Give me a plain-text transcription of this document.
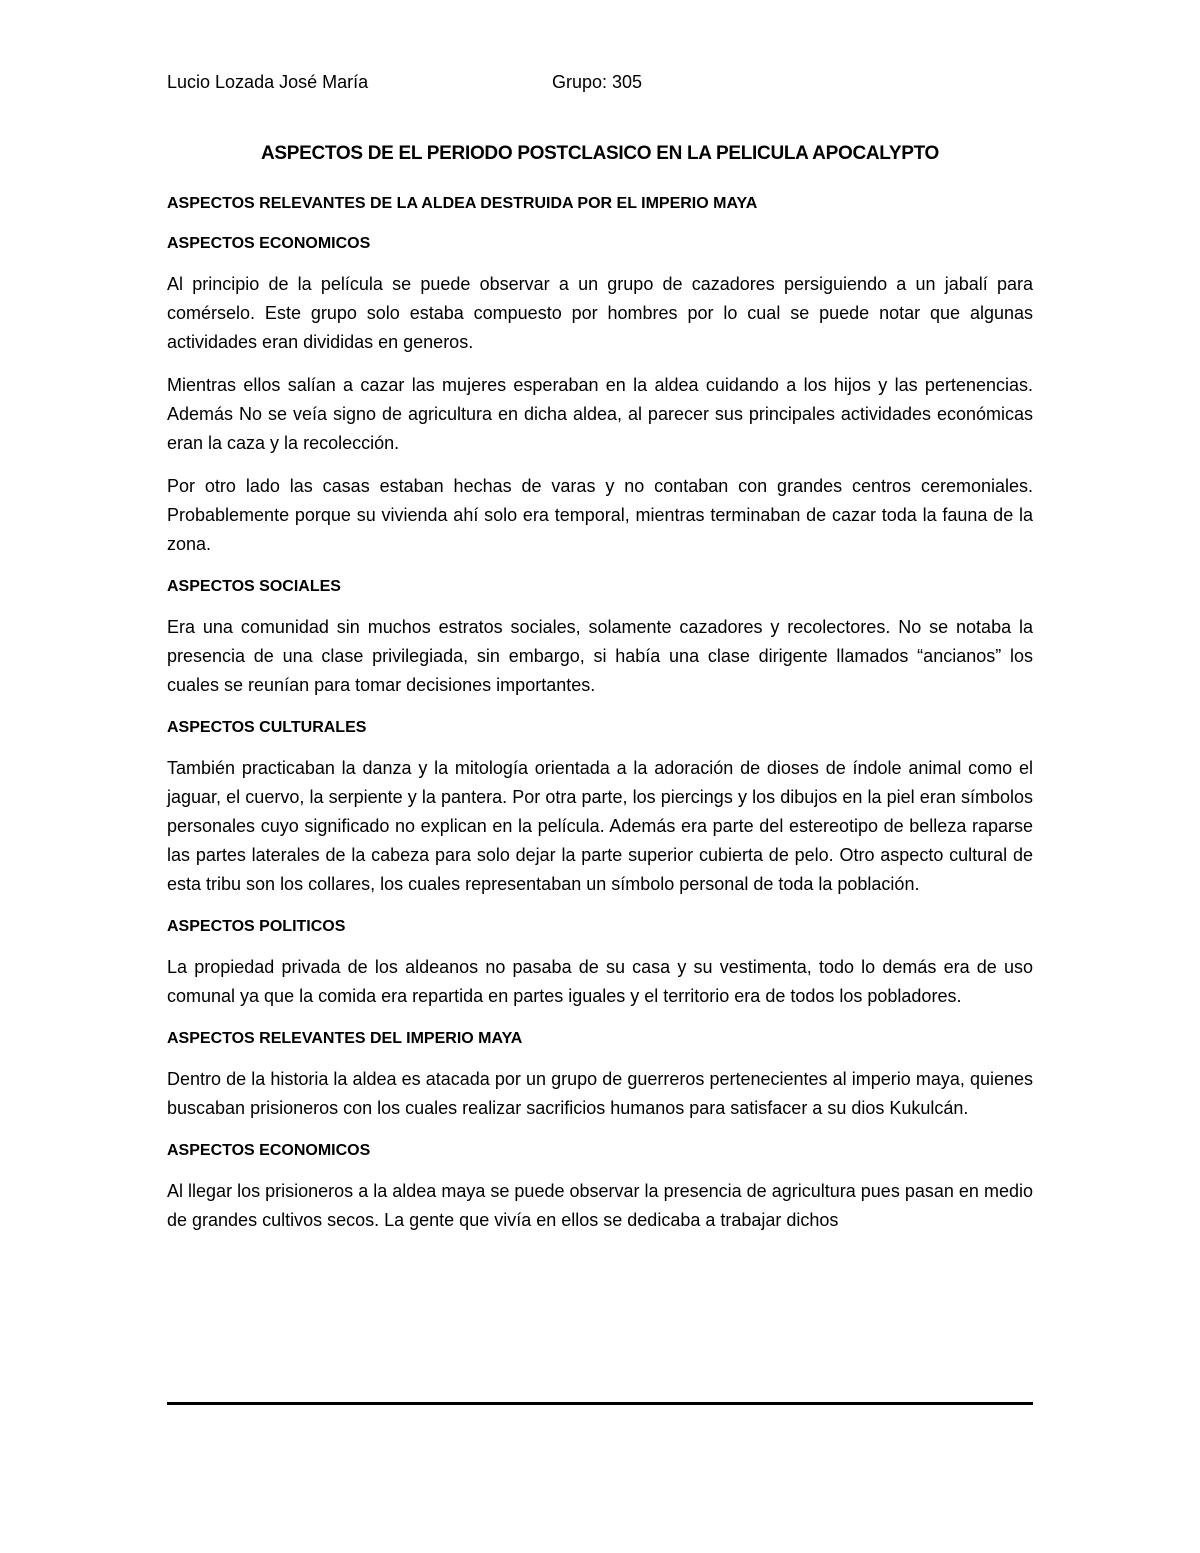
Lucio Lozada José María	Grupo: 305
ASPECTOS DE EL PERIODO POSTCLASICO EN LA PELICULA APOCALYPTO
ASPECTOS RELEVANTES DE LA ALDEA DESTRUIDA POR EL IMPERIO MAYA
ASPECTOS ECONOMICOS

Al principio de la película se puede observar a un grupo de cazadores persiguiendo a un jabalí para comérselo. Este grupo solo estaba compuesto por hombres por lo cual se puede notar que algunas actividades eran divididas en generos.

Mientras ellos salían a cazar las mujeres esperaban en la aldea cuidando a los hijos y las pertenencias. Además No se veía signo de agricultura en dicha aldea, al parecer sus principales actividades económicas eran la caza y la recolección.

Por otro lado las casas estaban hechas de varas y no contaban con grandes centros ceremoniales. Probablemente porque su vivienda ahí solo era temporal, mientras terminaban de cazar toda la fauna de la zona.

ASPECTOS SOCIALES

Era una comunidad sin muchos estratos sociales, solamente cazadores y recolectores. No se notaba la presencia de una clase privilegiada, sin embargo, si había una clase dirigente llamados “ancianos” los cuales se reunían para tomar decisiones importantes.

ASPECTOS CULTURALES

También practicaban la danza y la mitología orientada a la adoración de dioses de índole animal como el jaguar, el cuervo, la serpiente y la pantera. Por otra parte, los piercings y los dibujos en la piel eran símbolos personales cuyo significado no explican en la película. Además era parte del estereotipo de belleza raparse las partes laterales de la cabeza para solo dejar la parte superior cubierta de pelo. Otro aspecto cultural de esta tribu son los collares, los cuales representaban un símbolo personal de toda la población.

ASPECTOS POLITICOS

La propiedad privada de los aldeanos no pasaba de su casa y su vestimenta, todo lo demás era de uso comunal ya que la comida era repartida en partes iguales y el territorio era de todos los pobladores.

ASPECTOS RELEVANTES DEL IMPERIO MAYA

Dentro de la historia la aldea es atacada por un grupo de guerreros pertenecientes al imperio maya, quienes buscaban prisioneros con los cuales realizar sacrificios humanos para satisfacer a su dios Kukulcán.

ASPECTOS ECONOMICOS

Al llegar los prisioneros a la aldea maya se puede observar la presencia de agricultura pues pasan en medio de grandes cultivos secos. La gente que vivía en ellos se dedicaba a trabajar dichos
